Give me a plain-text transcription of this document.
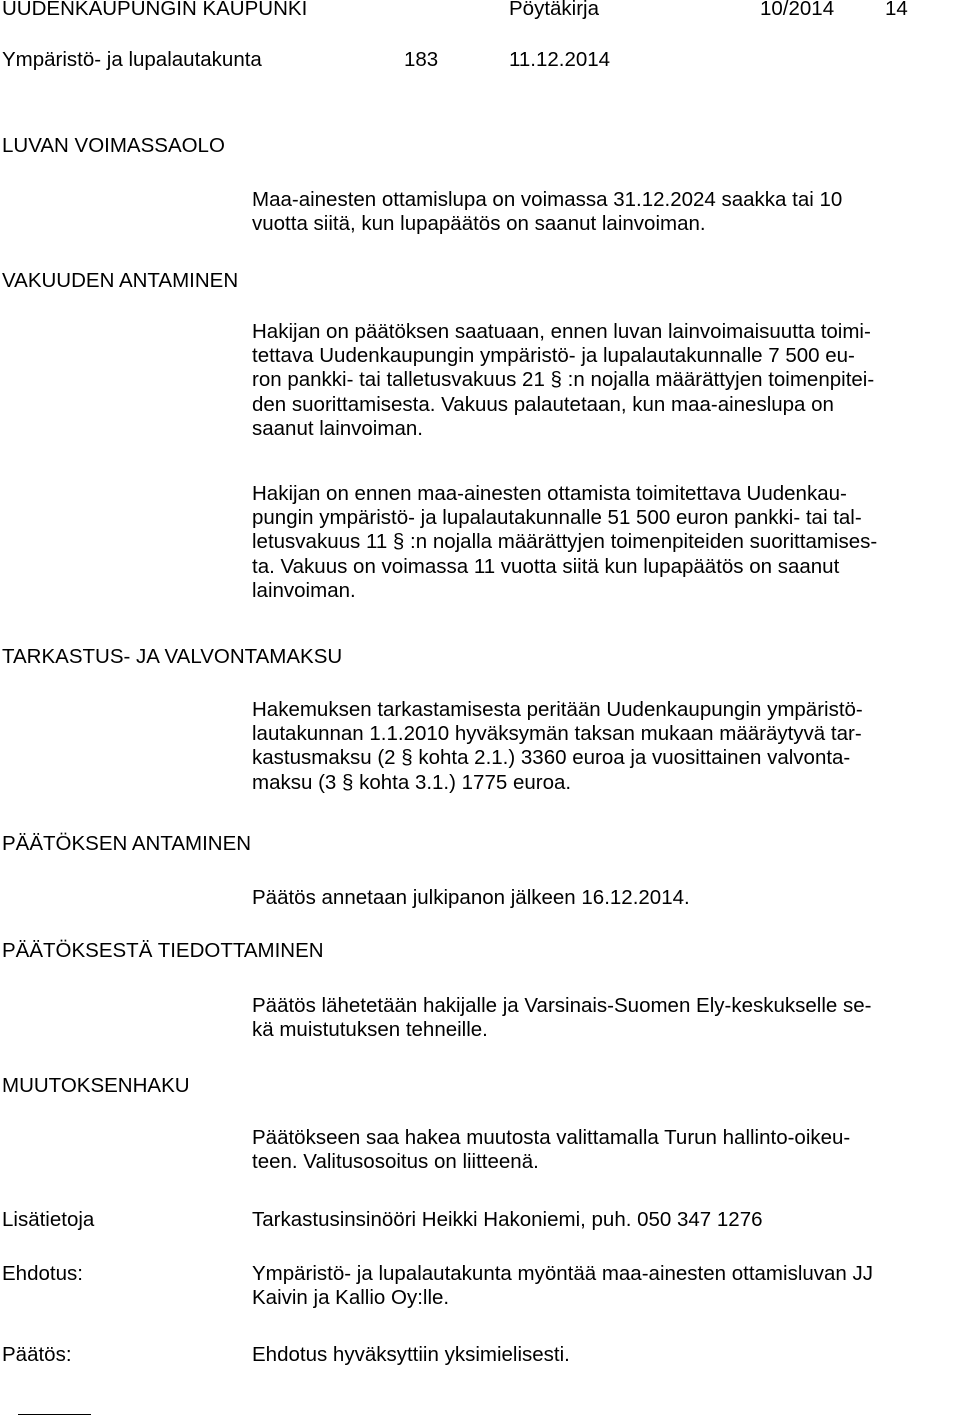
UUDENKAUPUNGIN KAUPUNKI	Pöytäkirja	10/2014 14
Ympäristö- ja lupalautakunta	183	11.12.2014
LUVAN VOIMASSAOLO
Maa-ainesten ottamislupa on voimassa 31.12.2024 saakka tai 10
vuotta siitä, kun lupapäätös on saanut lainvoiman.
VAKUUDEN ANTAMINEN
Hakijan on päätöksen saatuaan, ennen luvan lainvoimaisuutta toimi-
tettava Uudenkaupungin ympäristö- ja lupalautakunnalle 7 500 eu-
ron pankki- tai talletusvakuus 21 § :n nojalla määrättyjen toimenpitei-
den suorittamisesta. Vakuus palautetaan, kun maa-aineslupa on
saanut lainvoiman.
Hakijan on ennen maa-ainesten ottamista toimitettava Uudenkau-
pungin ympäristö- ja lupalautakunnalle 51 500 euron pankki- tai tal-
letusvakuus 11 § :n nojalla määrättyjen toimenpiteiden suorittamises-
ta. Vakuus on voimassa 11 vuotta siitä kun lupapäätös on saanut
lainvoiman.
TARKASTUS- JA VALVONTAMAKSU
Hakemuksen tarkastamisesta peritään Uudenkaupungin ympäristö-
lautakunnan 1.1.2010 hyväksymän taksan mukaan määräytyvä tar-
kastusmaksu (2 § kohta 2.1.) 3360 euroa ja vuosittainen valvonta-
maksu (3 § kohta 3.1.) 1775 euroa.
PÄÄTÖKSEN ANTAMINEN
Päätös annetaan julkipanon jälkeen 16.12.2014.
PÄÄTÖKSESTÄ TIEDOTTAMINEN
Päätös lähetetään hakijalle ja Varsinais-Suomen Ely-keskukselle se-
kä muistutuksen tehneille.
MUUTOKSENHAKU
Päätökseen saa hakea muutosta valittamalla Turun hallinto-oikeu-
teen. Valitusosoitus on liitteenä.
Lisätietoja	Tarkastusinsinööri Heikki Hakoniemi, puh. 050 347 1276
Ehdotus:	Ympäristö- ja lupalautakunta myöntää maa-ainesten ottamisluvan JJ
Kaivin ja Kallio Oy:lle.
Päätös:	Ehdotus hyväksyttiin yksimielisesti.
